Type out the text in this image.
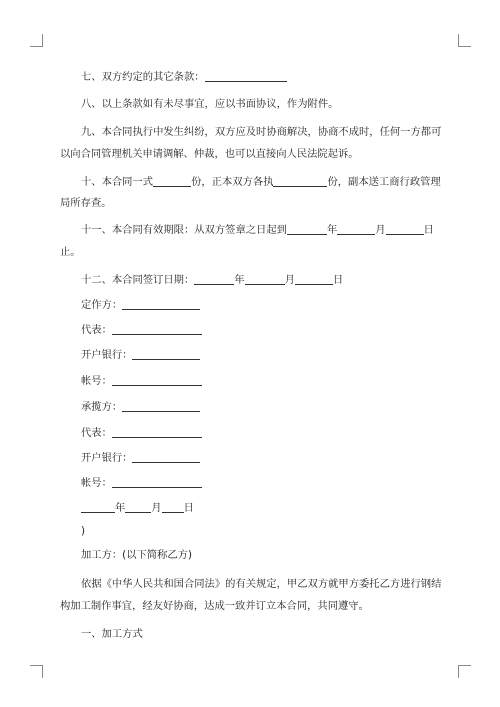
七、双方约定的其它条款：
八、以上条款如有未尽事宜，应以书面协议，作为附件。
九、本合同执行中发生纠纷，双方应及时协商解决，协商不成时，任何一方都可
以向合同管理机关申请调解、仲裁，也可以直接向人民法院起诉。
十、本合同一式	份，正本双方各执	份，副本送工商行政管理
局所存查。
十一、本合同有效期限：从双方签章之日起到	年	月	日
止。
十二、本合同签订日期：	年	月	日
定作方：
代表：
开户银行：
帐号：
承揽方：
代表：
开户银行：
帐号：
年	月 日
)
加工方：(以下简称乙方)
依据《中华人民共和国合同法》的有关规定，甲乙双方就甲方委托乙方进行钢结
构加工制作事宜，经友好协商，达成一致并订立本合同，共同遵守。
一、加工方式
